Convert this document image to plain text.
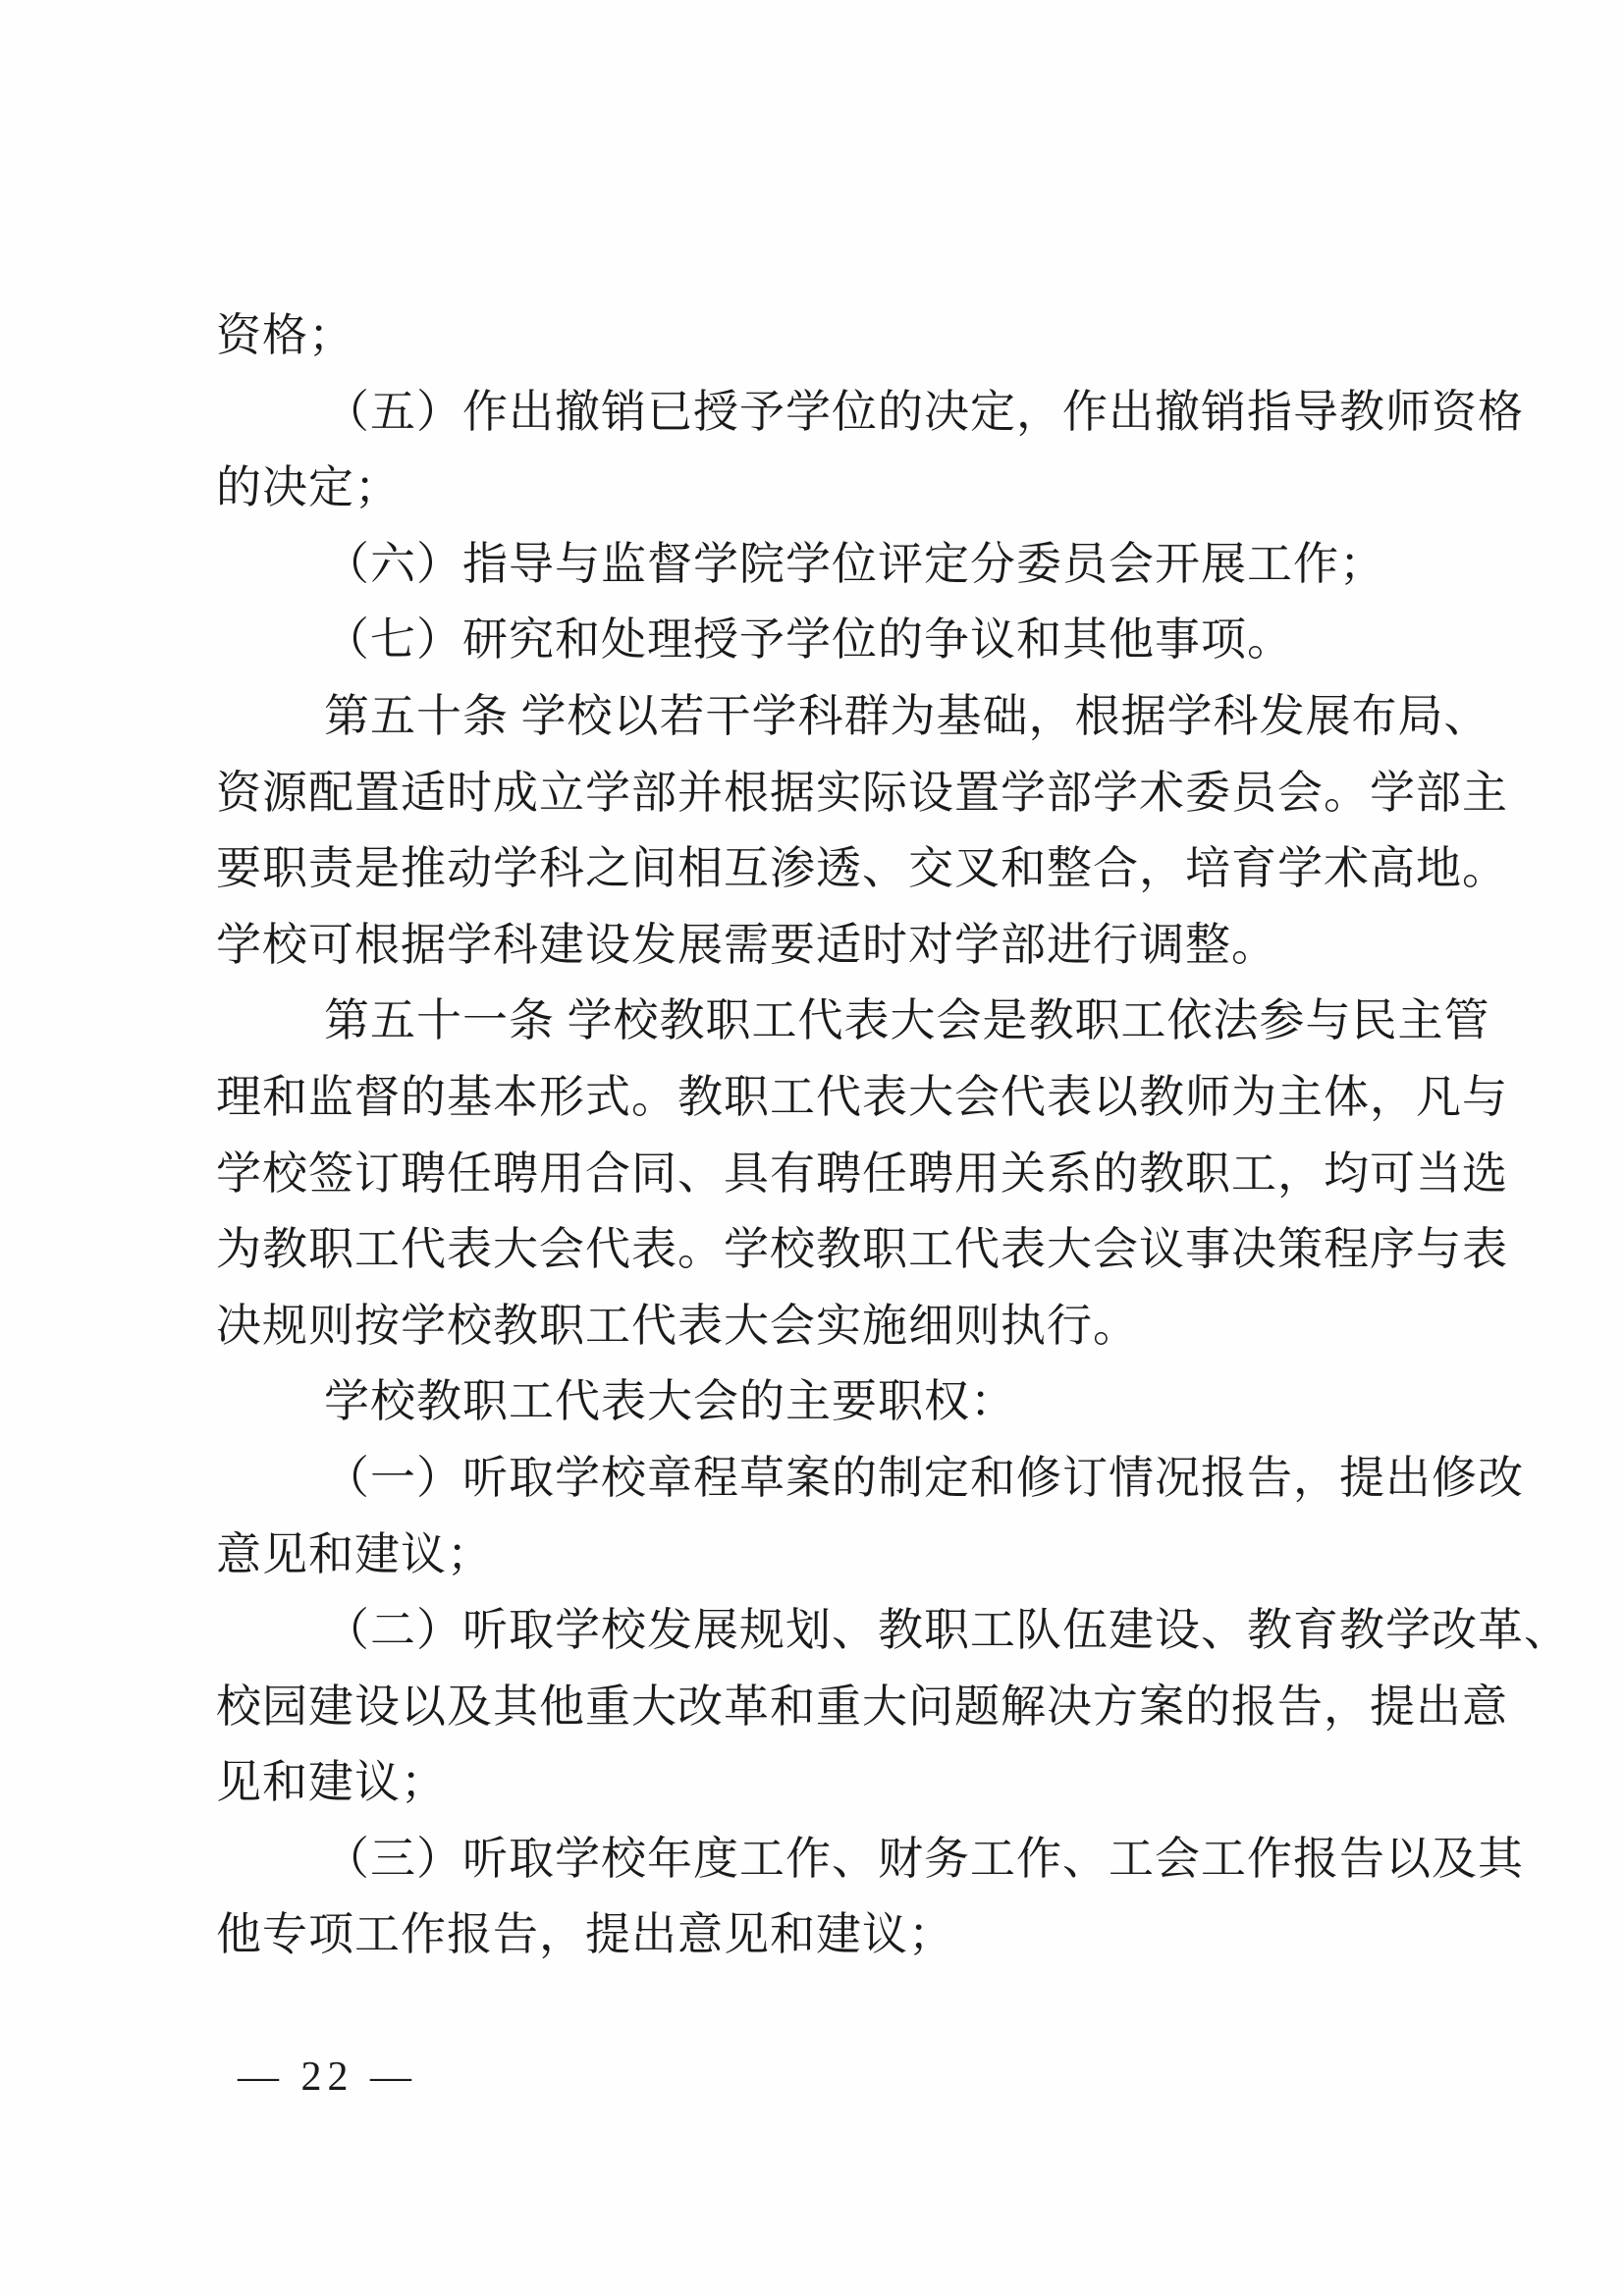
资格；
（五）作出撤销已授予学位的决定，作出撤销指导教师资格
的决定；
（六）指导与监督学院学位评定分委员会开展工作；
（七）研究和处理授予学位的争议和其他事项。
第五十条 学校以若干学科群为基础，根据学科发展布局、
资源配置适时成立学部并根据实际设置学部学术委员会。学部主
要职责是推动学科之间相互渗透、交叉和整合，培育学术高地。
学校可根据学科建设发展需要适时对学部进行调整。
第五十一条 学校教职工代表大会是教职工依法参与民主管
理和监督的基本形式。教职工代表大会代表以教师为主体，凡与
学校签订聘任聘用合同、具有聘任聘用关系的教职工，均可当选
为教职工代表大会代表。学校教职工代表大会议事决策程序与表
决规则按学校教职工代表大会实施细则执行。
学校教职工代表大会的主要职权：
（一）听取学校章程草案的制定和修订情况报告，提出修改
意见和建议；
（二）听取学校发展规划、教职工队伍建设、教育教学改革、
校园建设以及其他重大改革和重大问题解决方案的报告，提出意
见和建议；
（三）听取学校年度工作、财务工作、工会工作报告以及其
他专项工作报告，提出意见和建议；
— 22 —
